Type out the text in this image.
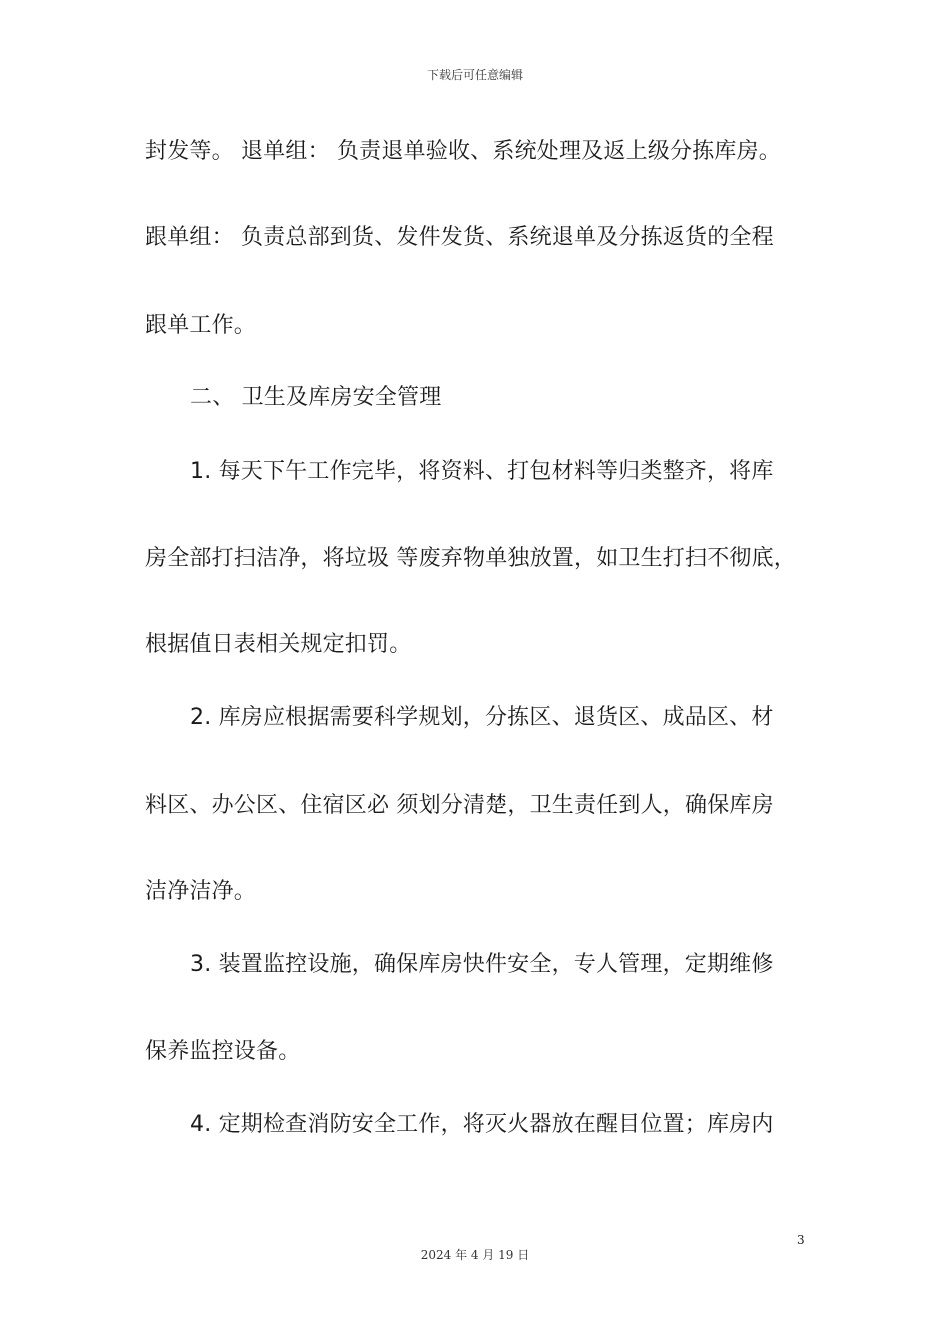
下载后可任意编辑
封发等。 退单组： 负责退单验收、系统处理及返上级分拣库房。
跟单组： 负责总部到货、发件发货、系统退单及分拣返货的全程
跟单工作。
二、 卫生及库房安全管理
1. 每天下午工作完毕，将资料、打包材料等归类整齐，将库
房全部打扫洁净，将垃圾 等废弃物单独放置，如卫生打扫不彻底，
根据值日表相关规定扣罚。
2. 库房应根据需要科学规划，分拣区、退货区、成品区、材
料区、办公区、住宿区必 须划分清楚，卫生责任到人，确保库房
洁净洁净。
3. 装置监控设施，确保库房快件安全，专人管理，定期维修
保养监控设备。
4. 定期检查消防安全工作，将灭火器放在醒目位置；库房内
3
2024 年 4 月 19 日
